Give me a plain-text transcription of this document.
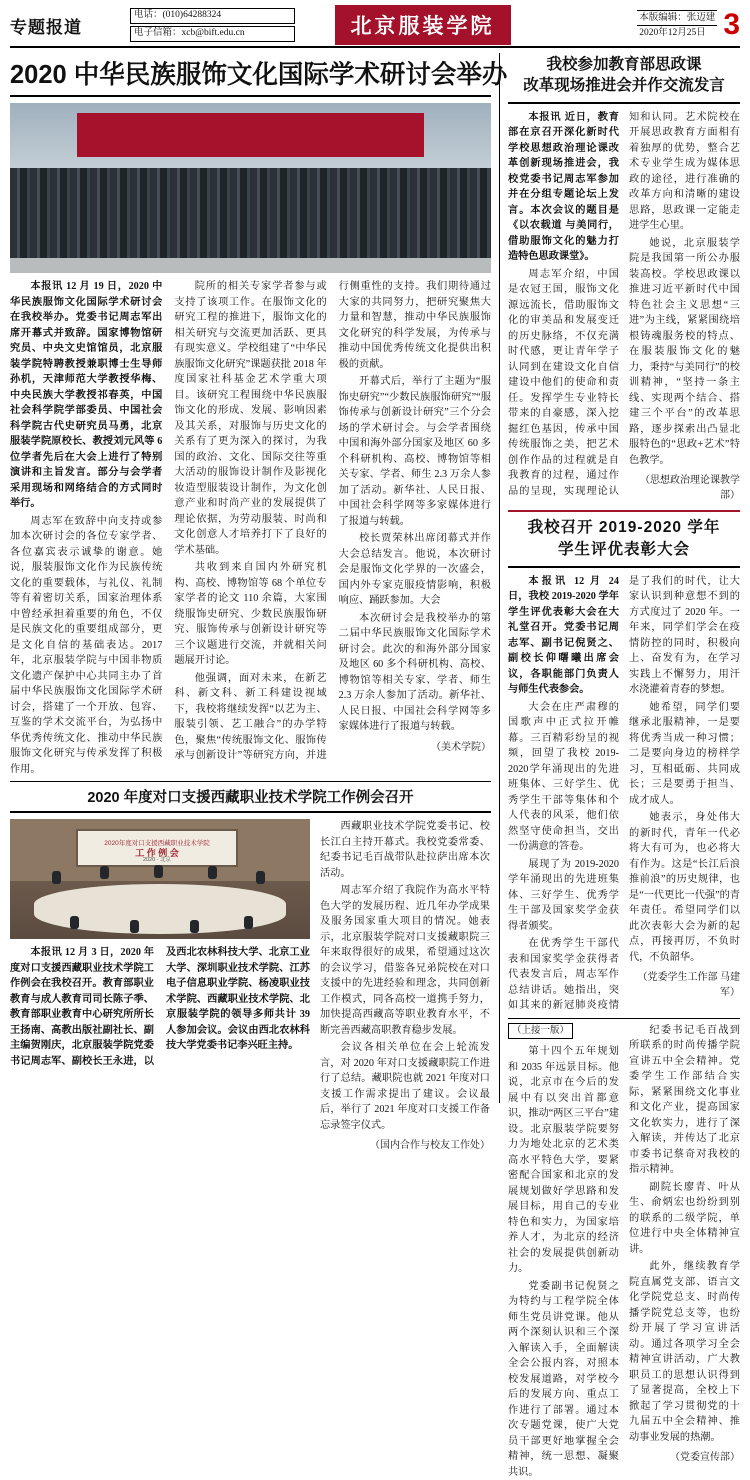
专题报道
电话：(010)64288324
电子信箱：xcb@bift.edu.cn	北京服装学院	本版编辑：张迈建
2020年12月25日 3
2020 中华民族服饰文化国际学术研讨会举办

本报讯 12 月 19 日，2020 中华民族服饰文化国际学术研讨会在我校举办。党委书记周志军出席开幕式并致辞。国家博物馆研究员、中央文史馆馆员，北京服装学院特聘教授兼职博士生导师孙机，天津师范大学教授华梅、中央民族大学教授祁春英，中国社会科学院学部委员、中国社会科学院古代史研究员马勇，北京服装学院原校长、教授刘元风等 6 位学者先后在大会上进行了特别演讲和主旨发言。部分与会学者采用现场和网络结合的方式同时举行。

周志军在致辞中向支持或参加本次研讨会的各位专家学者、各位嘉宾表示诚挚的谢意。她说，服装服饰文化作为民族传统文化的重要载体，与礼仪、礼制等有着密切关系，国家治理体系中曾经承担着重要的角色，不仅是民族文化的重要组成部分，更是文化自信的基础表达。2017 年，北京服装学院与中国非物质文化遗产保护中心共同主办了首届中华民族服饰文化国际学术研讨会，搭建了一个开放、包容、互鉴的学术交流平台，为弘扬中华优秀传统文化、推动中华民族服饰文化研究与传承发挥了积极作用。

院所的相关专家学者参与或支持了该项工作。在服饰文化的研究工程的推进下，服饰文化的相关研究与交流更加活跃、更具有现实意义。学校组建了“中华民族服饰文化研究”课题获批 2018 年度国家社科基金艺术学重大项目。该研究工程围绕中华民族服饰文化的形成、发展、影响因素及其关系，对服饰与历史文化的关系有了更为深入的探讨，为我国的政治、文化、国际交往等重大活动的服饰设计制作及影视化妆造型服装设计制作，为文化创意产业和时尚产业的发展提供了理论依据，为劳动服装、时尚和文化创意人才培养打下了良好的学术基础。

共收到来自国内外研究机构、高校、博物馆等 68 个单位专家学者的论文 110 余篇，大家围绕服饰史研究、少数民族服饰研究、服饰传承与创新设计研究等三个议题进行交流，并就相关问题展开讨论。

他强调，面对未来，在新艺科、新文科、新工科建设视域下，我校将继续发挥“以艺为主、服装引领、艺工融合”的办学特色，聚焦“传统服饰文化、服饰传承与创新设计”等研究方向，并进行侧重性的支持。我们期待通过大家的共同努力，把研究聚焦大力量和智慧，推动中华民族服饰文化研究的科学发展，为传承与推动中国优秀传统文化提供出积极的贡献。

开幕式后，举行了主题为“服饰史研究”“少数民族服饰研究”“服饰传承与创新设计研究”三个分会场的学术研讨会。与会学者围绕中国和海外部分国家及地区 60 多个科研机构、高校、博物馆等相关专家、学者、师生 2.3 万余人参加了活动。新华社、人民日报、中国社会科学网等多家媒体进行了报道与转载。

校长贾荣林出席闭幕式并作大会总结发言。他说，本次研讨会是服饰文化学界的一次盛会，国内外专家克服疫情影响，积极响应、踊跃参加。大会

本次研讨会是我校举办的第二届中华民族服饰文化国际学术研讨会。此次的和海外部分国家及地区 60 多个科研机构、高校、博物馆等相关专家、学者、师生 2.3 万余人参加了活动。新华社、人民日报、中国社会科学网等多家媒体进行了报道与转载。

（美术学院）

2020 年度对口支援西藏职业技术学院工作例会召开
2020年度对口支援西藏职业技术学院
工 作 例 会
2020 · 北京

本报讯 12 月 3 日，2020 年度对口支援西藏职业技术学院工作例会在我校召开。教育部职业教育与成人教育司司长陈子季、教育部职业教育中心研究所所长王扬南、高教出版社副社长、副主编贺刚庆，北京服装学院党委书记周志军、副校长王永进，以及西北农林科技大学、北京工业大学、深圳职业技术学院、江苏电子信息职业学院、杨凌职业技术学院、西藏职业技术学院、北京服装学院的领导多师共计 39 人参加会议。会议由西北农林科技大学党委书记李兴旺主持。

西藏职业技术学院党委书记、校长江白主持开幕式。我校党委常委、纪委书记毛百战带队赴拉萨出席本次活动。

周志军介绍了我院作为高水平特色大学的发展历程、近几年办学成果及服务国家重大项目的情况。她表示，北京服装学院对口支援藏职院三年来取得很好的成果，希望通过这次的会议学习，借鉴各兄弟院校在对口支援中的先进经验和理念，共同创新工作模式，同各高校一道携手努力，加快提高西藏高等职业教育水平，不断完善西藏高职教育稳步发展。

会议各相关单位在会上轮流发言，对 2020 年对口支援藏职院工作进行了总结。藏职院也就 2021 年度对口支援工作需求提出了建议。会议最后，举行了 2021 年度对口支援工作备忘录签字仪式。

（国内合作与校友工作处）

我校参加教育部思政课
改革现场推进会并作交流发言

本报讯 近日，教育部在京召开深化新时代学校思想政治理论课改革创新现场推进会，我校党委书记周志军参加并在分组专题论坛上发言。本次会议的题目是《以农载道 与美同行，借助服饰文化的魅力打造特色思政课堂》。

周志军介绍，中国是农冠王国，服饰文化源远流长，借助服饰文化的审美品和发展变迁的历史脉络，不仅充满时代感，更让青年学子认同到在建设文化自信建设中他们的使命和责任。发挥学生专业特长带来的自豪感，深入挖掘红色基因，传承中国传统服饰之美，把艺术创作作品的过程就是自我教育的过程，通过作品的呈现，实现理论认知和认同。艺术院校在开展思政教育方面相有着独厚的优势，整合艺术专业学生成为媒体思政的途径，进行准确的改革方向和清晰的建设思路，思政课一定能走进学生心里。

她说，北京服装学院是我国第一所公办服装高校。学校思政课以推进习近平新时代中国特色社会主义思想“三进”为主线，紧紧围绕培根铸魂服务校的特点、在服装服饰文化的魅力，秉持“与美同行”的校训精神，“坚持一条主线、实现两个结合、搭建三个平台”的改革思路，逐步探索出凸显北服特色的“思政+艺术”特色教学。

（思想政治理论课教学部）

我校召开 2019-2020 学年
学生评优表彰大会

本报讯 12 月 24 日，我校 2019-2020 学年学生评优表彰大会在大礼堂召开。党委书记周志军、副书记倪贤之、副校长仰曙曦出席会议，各职能部门负责人与师生代表参会。

大会在庄严肃穆的国歌声中正式拉开帷幕。三百精彩纷呈的视频，回望了我校 2019-2020学年涌现出的先进班集体、三好学生、优秀学生干部等集体和个人代表的风采，他们依然坚守使命担当，交出一份满意的答卷。

展现了为 2019-2020 学年涌现出的先进班集体、三好学生、优秀学生干部及国家奖学金获得者颁奖。

在优秀学生干部代表和国家奖学金获得者代表发言后，周志军作总结讲话。她指出，突如其来的新冠肺炎疫情是了我们的时代，让大家认识到种意想不到的方式度过了 2020 年。一年来，同学们学会在疫情防控的同时，积极向上、奋发有为，在学习实践上不懈努力，用汗水浇灌着青春的梦想。

她希望，同学们要继承北服精神，一是要将优秀当成一种习惯；二是要向身边的榜样学习，互相砥砺、共同成长；三是要勇于担当、成才成人。

她表示，身处伟大的新时代，青年一代必将大有可为，也必将大有作为。这是“长江后浪推前浪”的历史规律，也是“一代更比一代强”的青年责任。希望同学们以此次表彰大会为新的起点，再接再厉，不负时代，不负韶华。

（党委学生工作部 马建军）

（上接一版）

第十四个五年规划和 2035 年远景目标。他说，北京市在今后的发展中有以突出首都意识，推动“两区三平台”建设。北京服装学院要努力为地处北京的艺术类高水平特色大学，要紧密配合国家和北京的发展规划做好学思路和发展目标，用自己的专业特色和实力，为国家培养人才，为北京的经济社会的发展提供创新动力。

党委副书记倪贤之为特约与工程学院全体师生党员讲党课。他从两个深刻认识和三个深入解读入手，全面解读全会公报内容，对照本校发展道路，对学校今后的发展方向、重点工作进行了部署。通过本次专题党课，使广大党员干部更好地掌握全会精神，统一思想、凝聚共识。

纪委书记毛百战到所联系的时尚传播学院宣讲五中全会精神。党委学生工作部结合实际，紧紧围绕文化事业和文化产业，提高国家文化软实力，进行了深入解读，并传达了北京市委书记蔡奇对我校的指示精神。

副院长廖青、叶从生、俞炳宏也纷纷到别的联系的二级学院，单位进行中央全体精神宣讲。

此外，继续教育学院直属党支部、语言文化学院党总支、时尚传播学院党总支等，也纷纷开展了学习宣讲活动。通过各项学习全会精神宣讲活动，广大教职员工的思想认识得到了显著提高，全校上下掀起了学习贯彻党的十九届五中全会精神、推动事业发展的热潮。

（党委宣传部）
